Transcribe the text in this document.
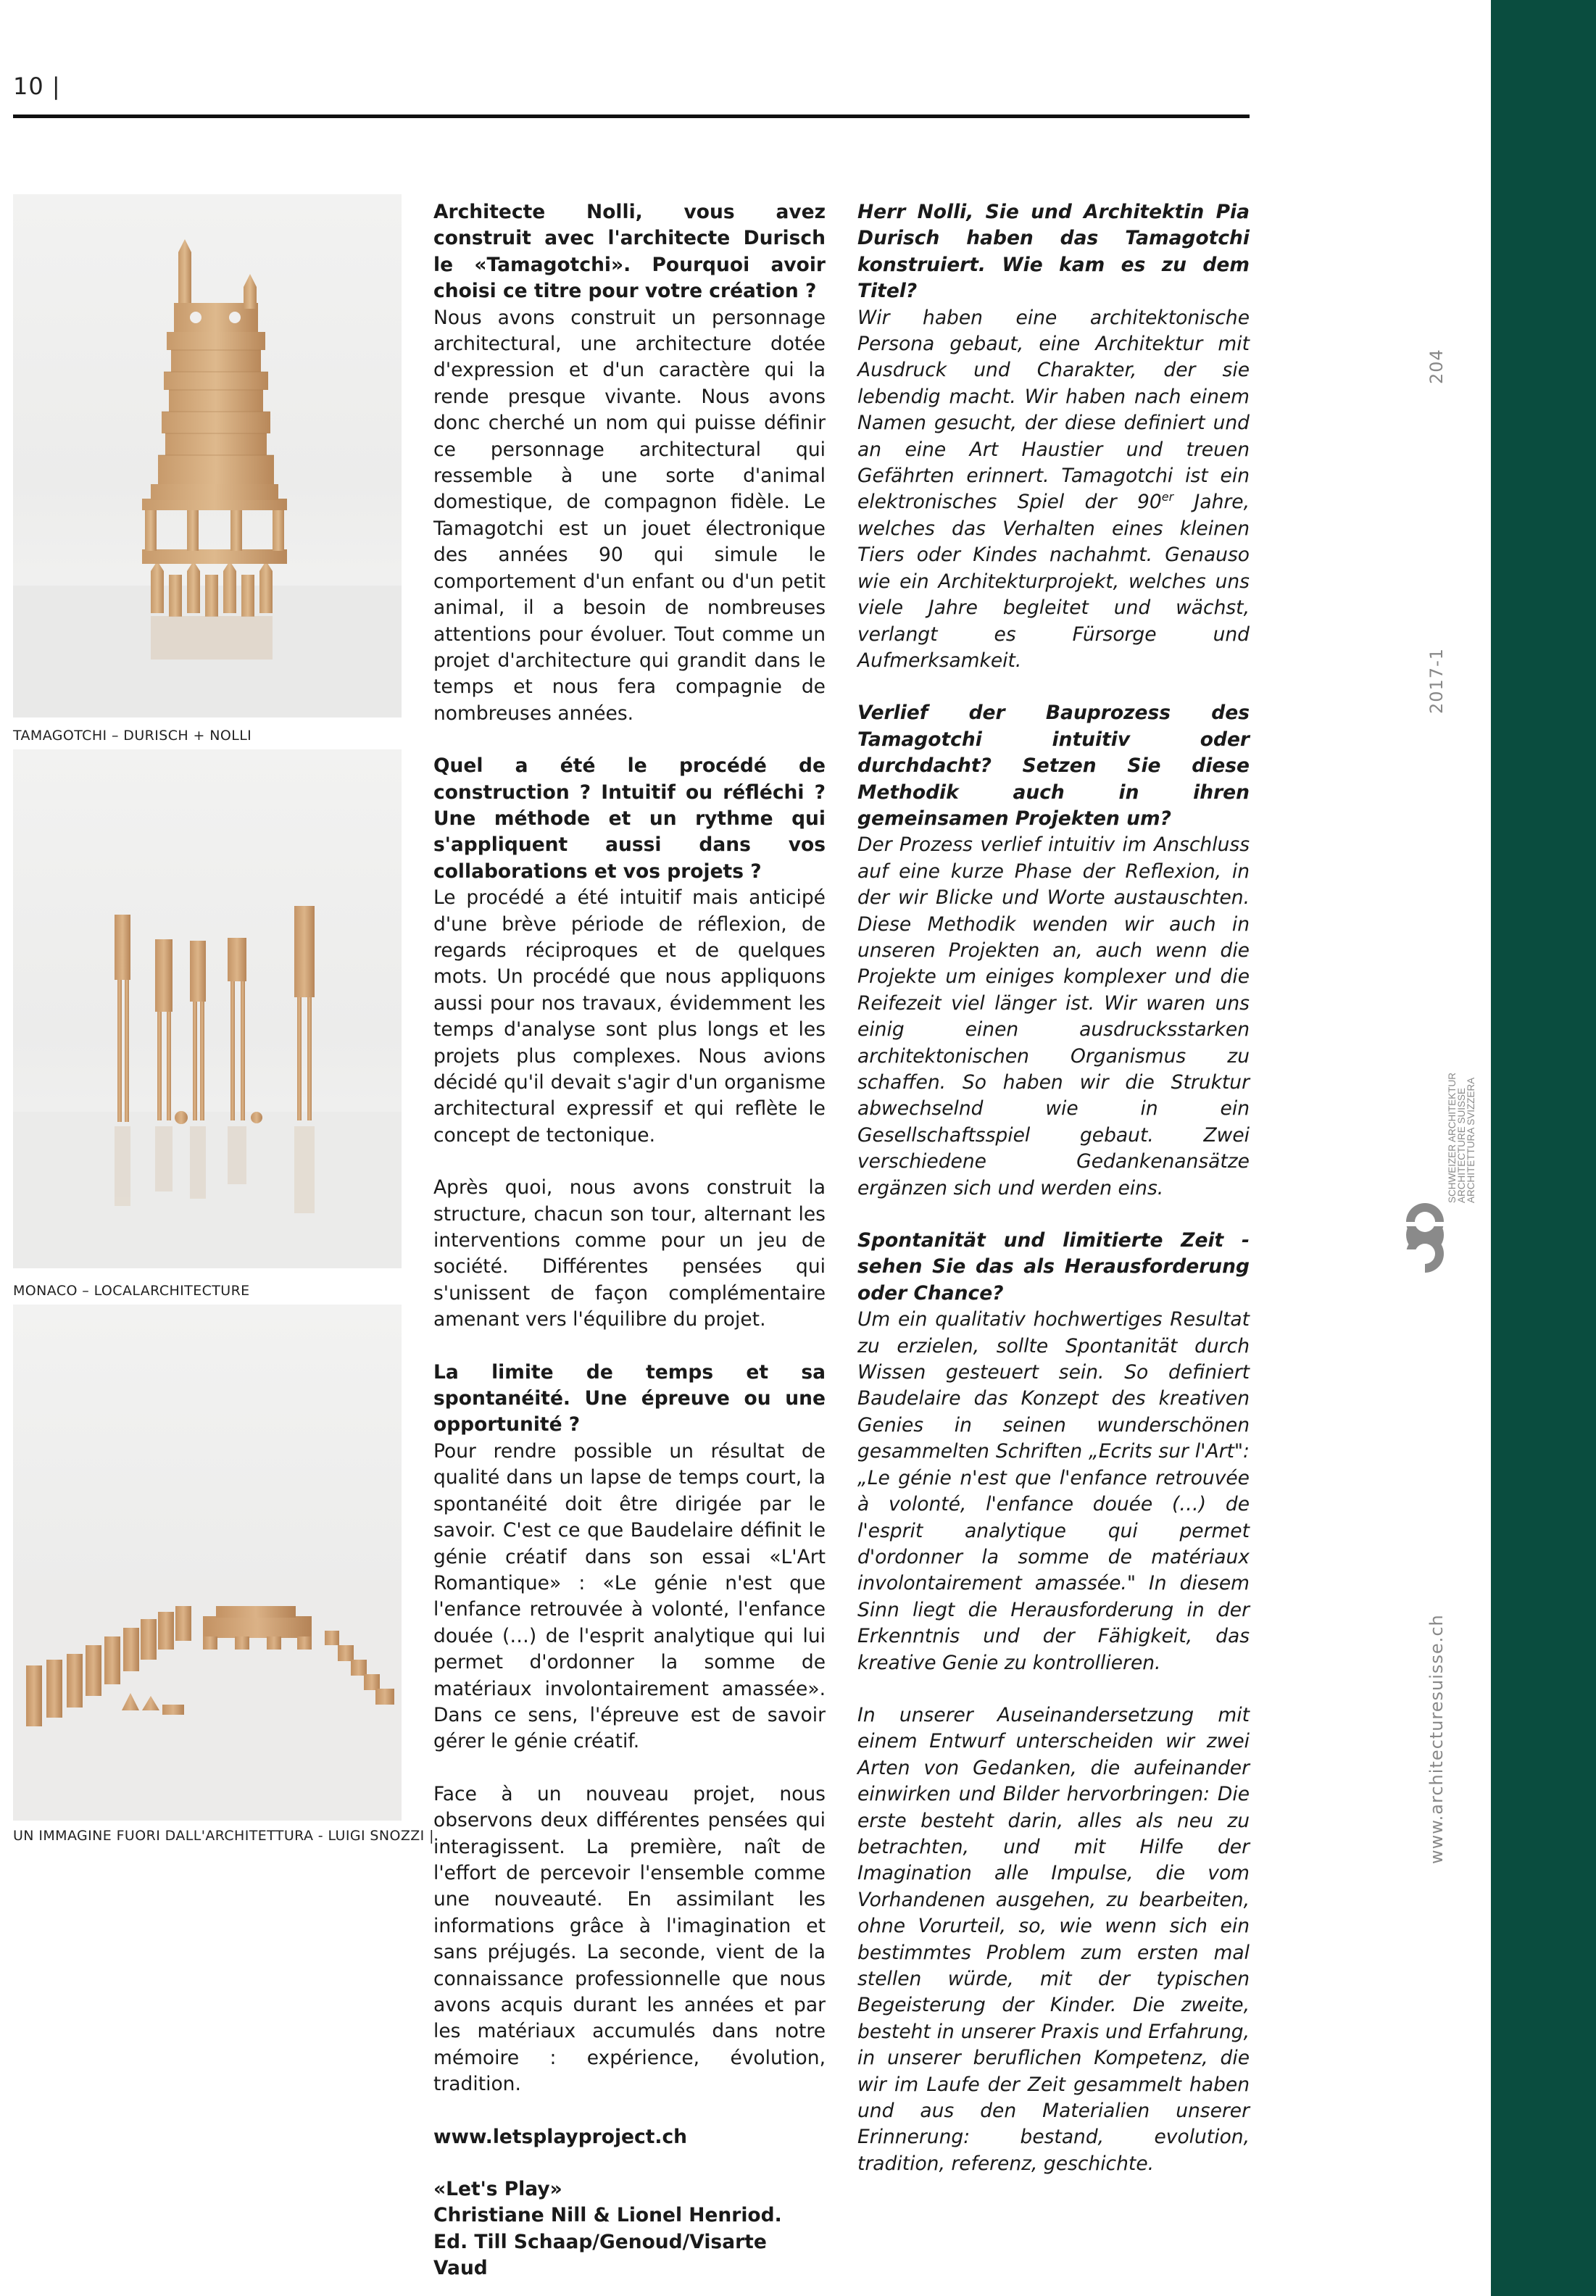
10 |
204
2017-1
www.architecturesuisse.ch
SCHWEIZER ARCHITEKTUR
ARCHITECTURE SUISSE
ARCHITETTURA SVIZZERA
TAMAGOTCHI – DURISCH + NOLLI
MONACO – LOCALARCHITECTURE
UN IMMAGINE FUORI DALL'ARCHITETTURA - LUIGI SNOZZI |

Architecte Nolli, vous avez construit avec l'architecte Durisch le «Tamagotchi». Pourquoi avoir choisi ce titre pour votre création ?
Nous avons construit un personnage architectural, une architecture dotée d'expression et d'un caractère qui la rende presque vivante. Nous avons donc cherché un nom qui puisse définir ce personnage architectural qui ressemble à une sorte d'animal domestique, de compagnon fidèle. Le Tamagotchi est un jouet électronique des années 90 qui simule le comportement d'un enfant ou d'un petit animal, il a besoin de nombreuses attentions pour évoluer. Tout comme un projet d'architecture qui grandit dans le temps et nous fera compagnie de nombreuses années.

Quel a été le procédé de construction ? Intuitif ou réfléchi ? Une méthode et un rythme qui s'appliquent aussi dans vos collaborations et vos projets ?
Le procédé a été intuitif mais anticipé d'une brève période de réflexion, de regards réciproques et de quelques mots. Un procédé que nous appliquons aussi pour nos travaux, évidemment les temps d'analyse sont plus longs et les projets plus complexes. Nous avions décidé qu'il devait s'agir d'un organisme architectural expressif et qui reflète le concept de tectonique.

Après quoi, nous avons construit la structure, chacun son tour, alternant les interventions comme pour un jeu de société. Différentes pensées qui s'unissent de façon complémentaire amenant vers l'équilibre du projet.

La limite de temps et sa spontanéité. Une épreuve ou une opportunité ?
Pour rendre possible un résultat de qualité dans un lapse de temps court, la spontanéité doit être dirigée par le savoir. C'est ce que Baudelaire définit le génie créatif dans son essai «L'Art Romantique» : «Le génie n'est que l'enfance retrouvée à volonté, l'enfance douée (…) de l'esprit analytique qui lui permet d'ordonner la somme de matériaux involontairement amassée». Dans ce sens, l'épreuve est de savoir gérer le génie créatif.

Face à un nouveau projet, nous observons deux différentes pensées qui interagissent. La première, naît de l'effort de percevoir l'ensemble comme une nouveauté. En assimilant les informations grâce à l'imagination et sans préjugés. La seconde, vient de la connaissance professionnelle que nous avons acquis durant les années et par les matériaux accumulés dans notre mémoire : expérience, évolution, tradition.

www.letsplayproject.ch

«Let's Play»
Christiane Nill & Lionel Henriod.
Ed. Till Schaap/Genoud/Visarte Vaud

Herr Nolli, Sie und Architektin Pia Durisch haben das Tamagotchi konstruiert. Wie kam es zu dem Titel?
Wir haben eine architektonische Persona gebaut, eine Architektur mit Ausdruck und Charakter, der sie lebendig macht. Wir haben nach einem Namen gesucht, der diese definiert und an eine Art Haustier und treuen Gefährten erinnert. Tamagotchi ist ein elektronisches Spiel der 90er Jahre, welches das Verhalten eines kleinen Tiers oder Kindes nachahmt. Genauso wie ein Architekturprojekt, welches uns viele Jahre begleitet und wächst, verlangt es Fürsorge und Aufmerksamkeit.

Verlief der Bauprozess des Tamagotchi intuitiv oder durchdacht? Setzen Sie diese Methodik auch in ihren gemeinsamen Projekten um?
Der Prozess verlief intuitiv im Anschluss auf eine kurze Phase der Reflexion, in der wir Blicke und Worte austauschten. Diese Methodik wenden wir auch in unseren Projekten an, auch wenn die Projekte um einiges komplexer und die Reifezeit viel länger ist. Wir waren uns einig einen ausdrucksstarken architektonischen Organismus zu schaffen. So haben wir die Struktur abwechselnd wie in ein Gesellschaftsspiel gebaut. Zwei verschiedene Gedankenansätze ergänzen sich und werden eins.

Spontanität und limitierte Zeit - sehen Sie das als Herausforderung oder Chance?
Um ein qualitativ hochwertiges Resultat zu erzielen, sollte Spontanität durch Wissen gesteuert sein. So definiert Baudelaire das Konzept des kreativen Genies in seinen wunderschönen gesammelten Schriften „Ecrits sur l'Art": „Le génie n'est que l'enfance retrouvée à volonté, l'enfance douée (…) de l'esprit analytique qui permet d'ordonner la somme de matériaux involontairement amassée." In diesem Sinn liegt die Herausforderung in der Erkenntnis und der Fähigkeit, das kreative Genie zu kontrollieren.

In unserer Auseinandersetzung mit einem Entwurf unterscheiden wir zwei Arten von Gedanken, die aufeinander einwirken und Bilder hervorbringen: Die erste besteht darin, alles als neu zu betrachten, und mit Hilfe der Imagination alle Impulse, die vom Vorhandenen ausgehen, zu bearbeiten, ohne Vorurteil, so, wie wenn sich ein bestimmtes Problem zum ersten mal stellen würde, mit der typischen Begeisterung der Kinder. Die zweite, besteht in unserer Praxis und Erfahrung, in unserer beruflichen Kompetenz, die wir im Laufe der Zeit gesammelt haben und aus den Materialien unserer Erinnerung: bestand, evolution, tradition, referenz, geschichte.
